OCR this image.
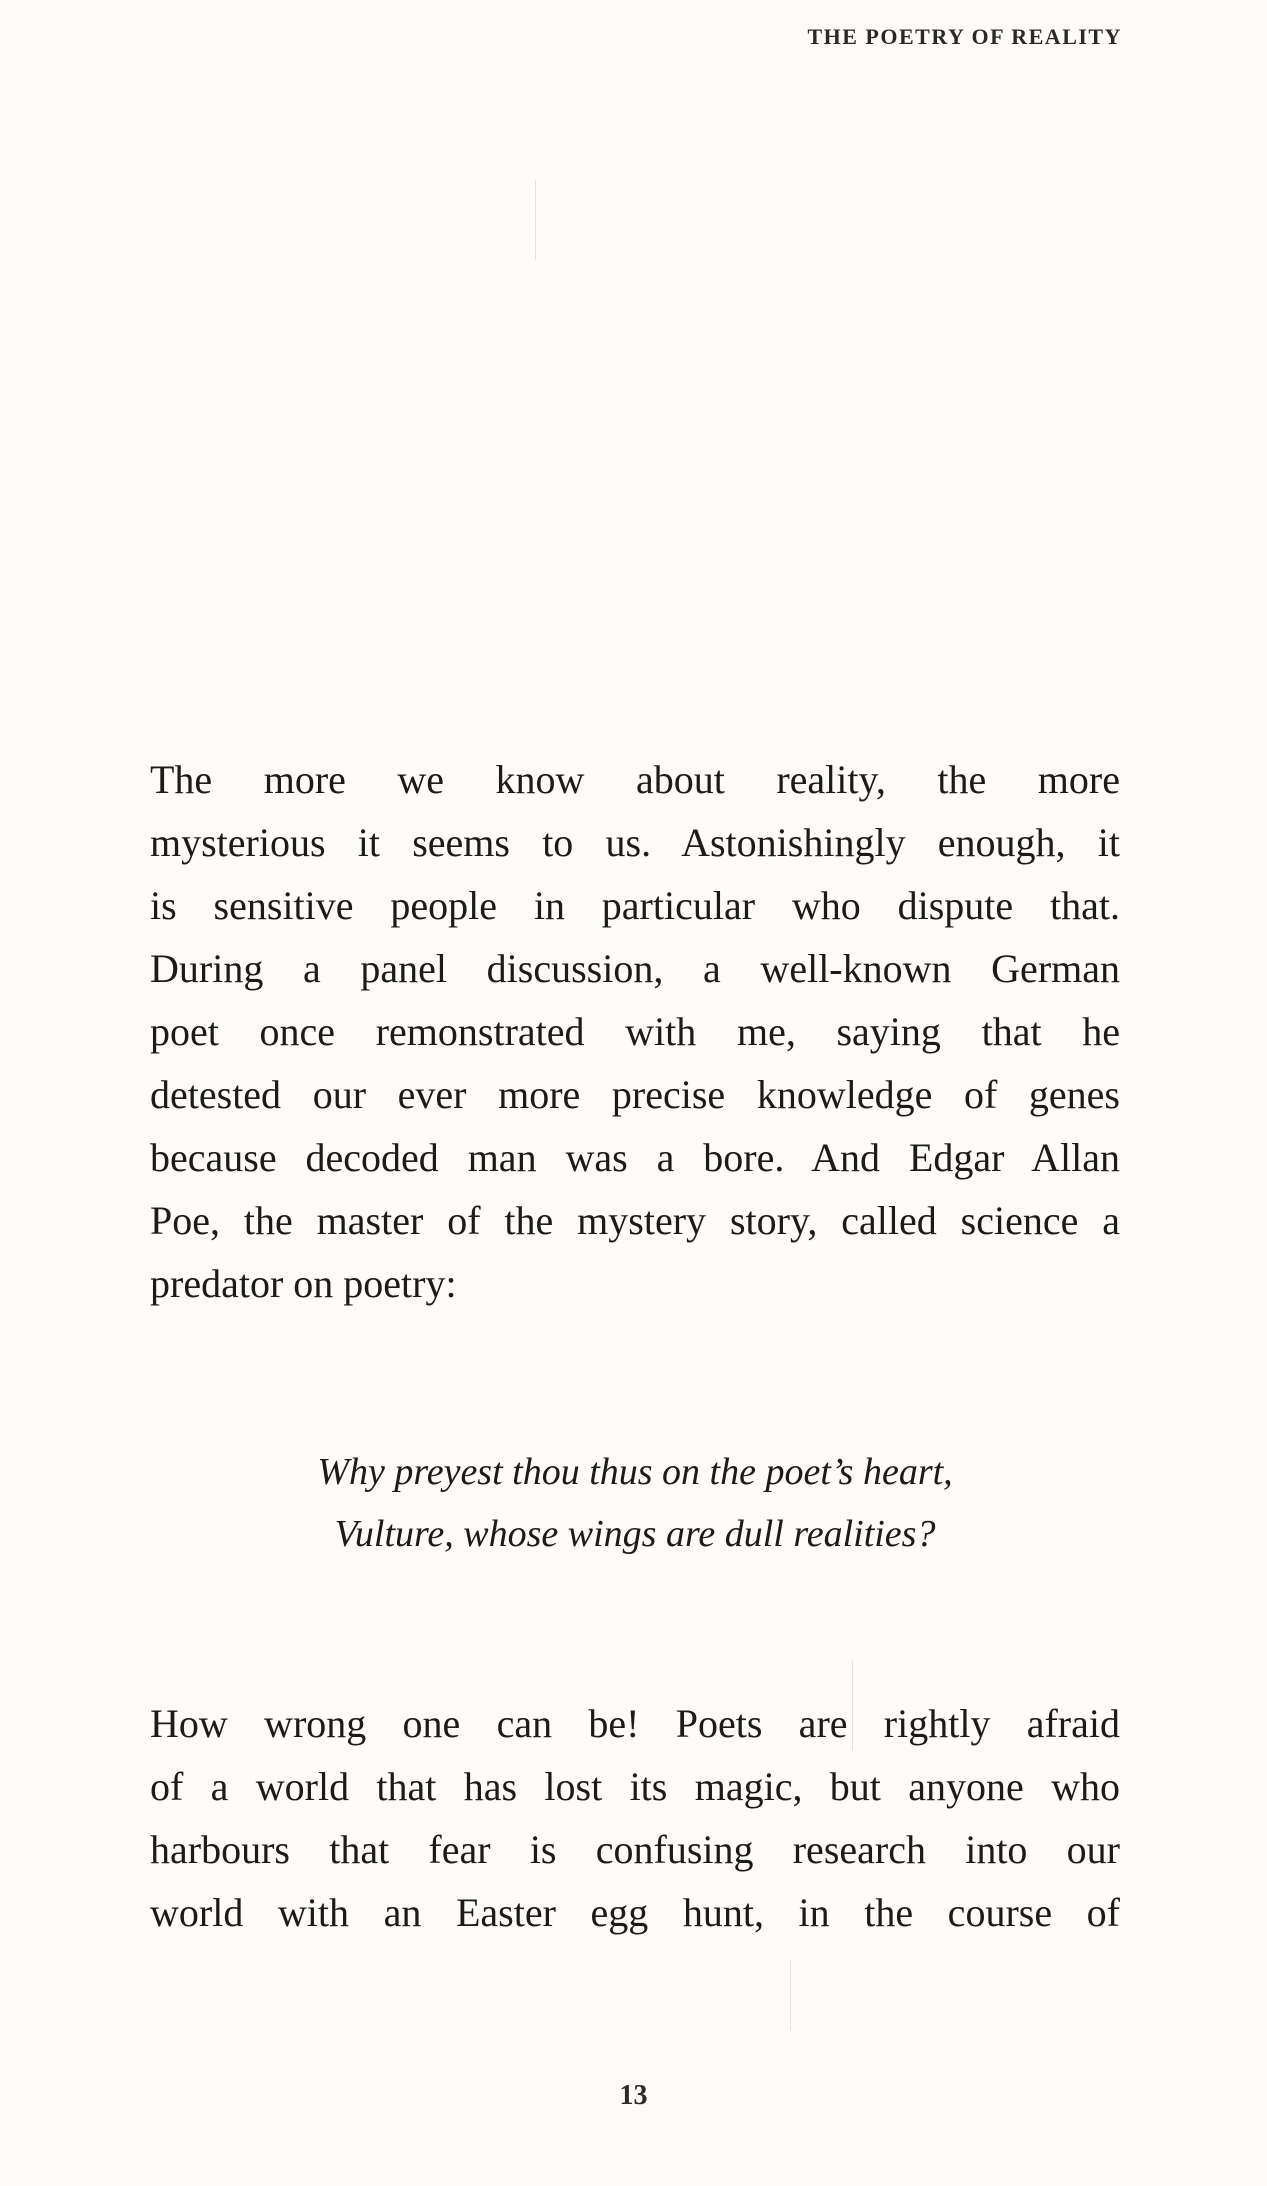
THE POETRY OF REALITY
The more we know about reality, the more
mysterious it seems to us. Astonishingly enough, it
is sensitive people in particular who dispute that.
During a panel discussion, a well-known German
poet once remonstrated with me, saying that he
detested our ever more precise knowledge of genes
because decoded man was a bore. And Edgar Allan
Poe, the master of the mystery story, called science a
predator on poetry:
Why preyest thou thus on the poet’s heart,
Vulture, whose wings are dull realities?
How wrong one can be! Poets are rightly afraid
of a world that has lost its magic, but anyone who
harbours that fear is confusing research into our
world with an Easter egg hunt, in the course of
13
